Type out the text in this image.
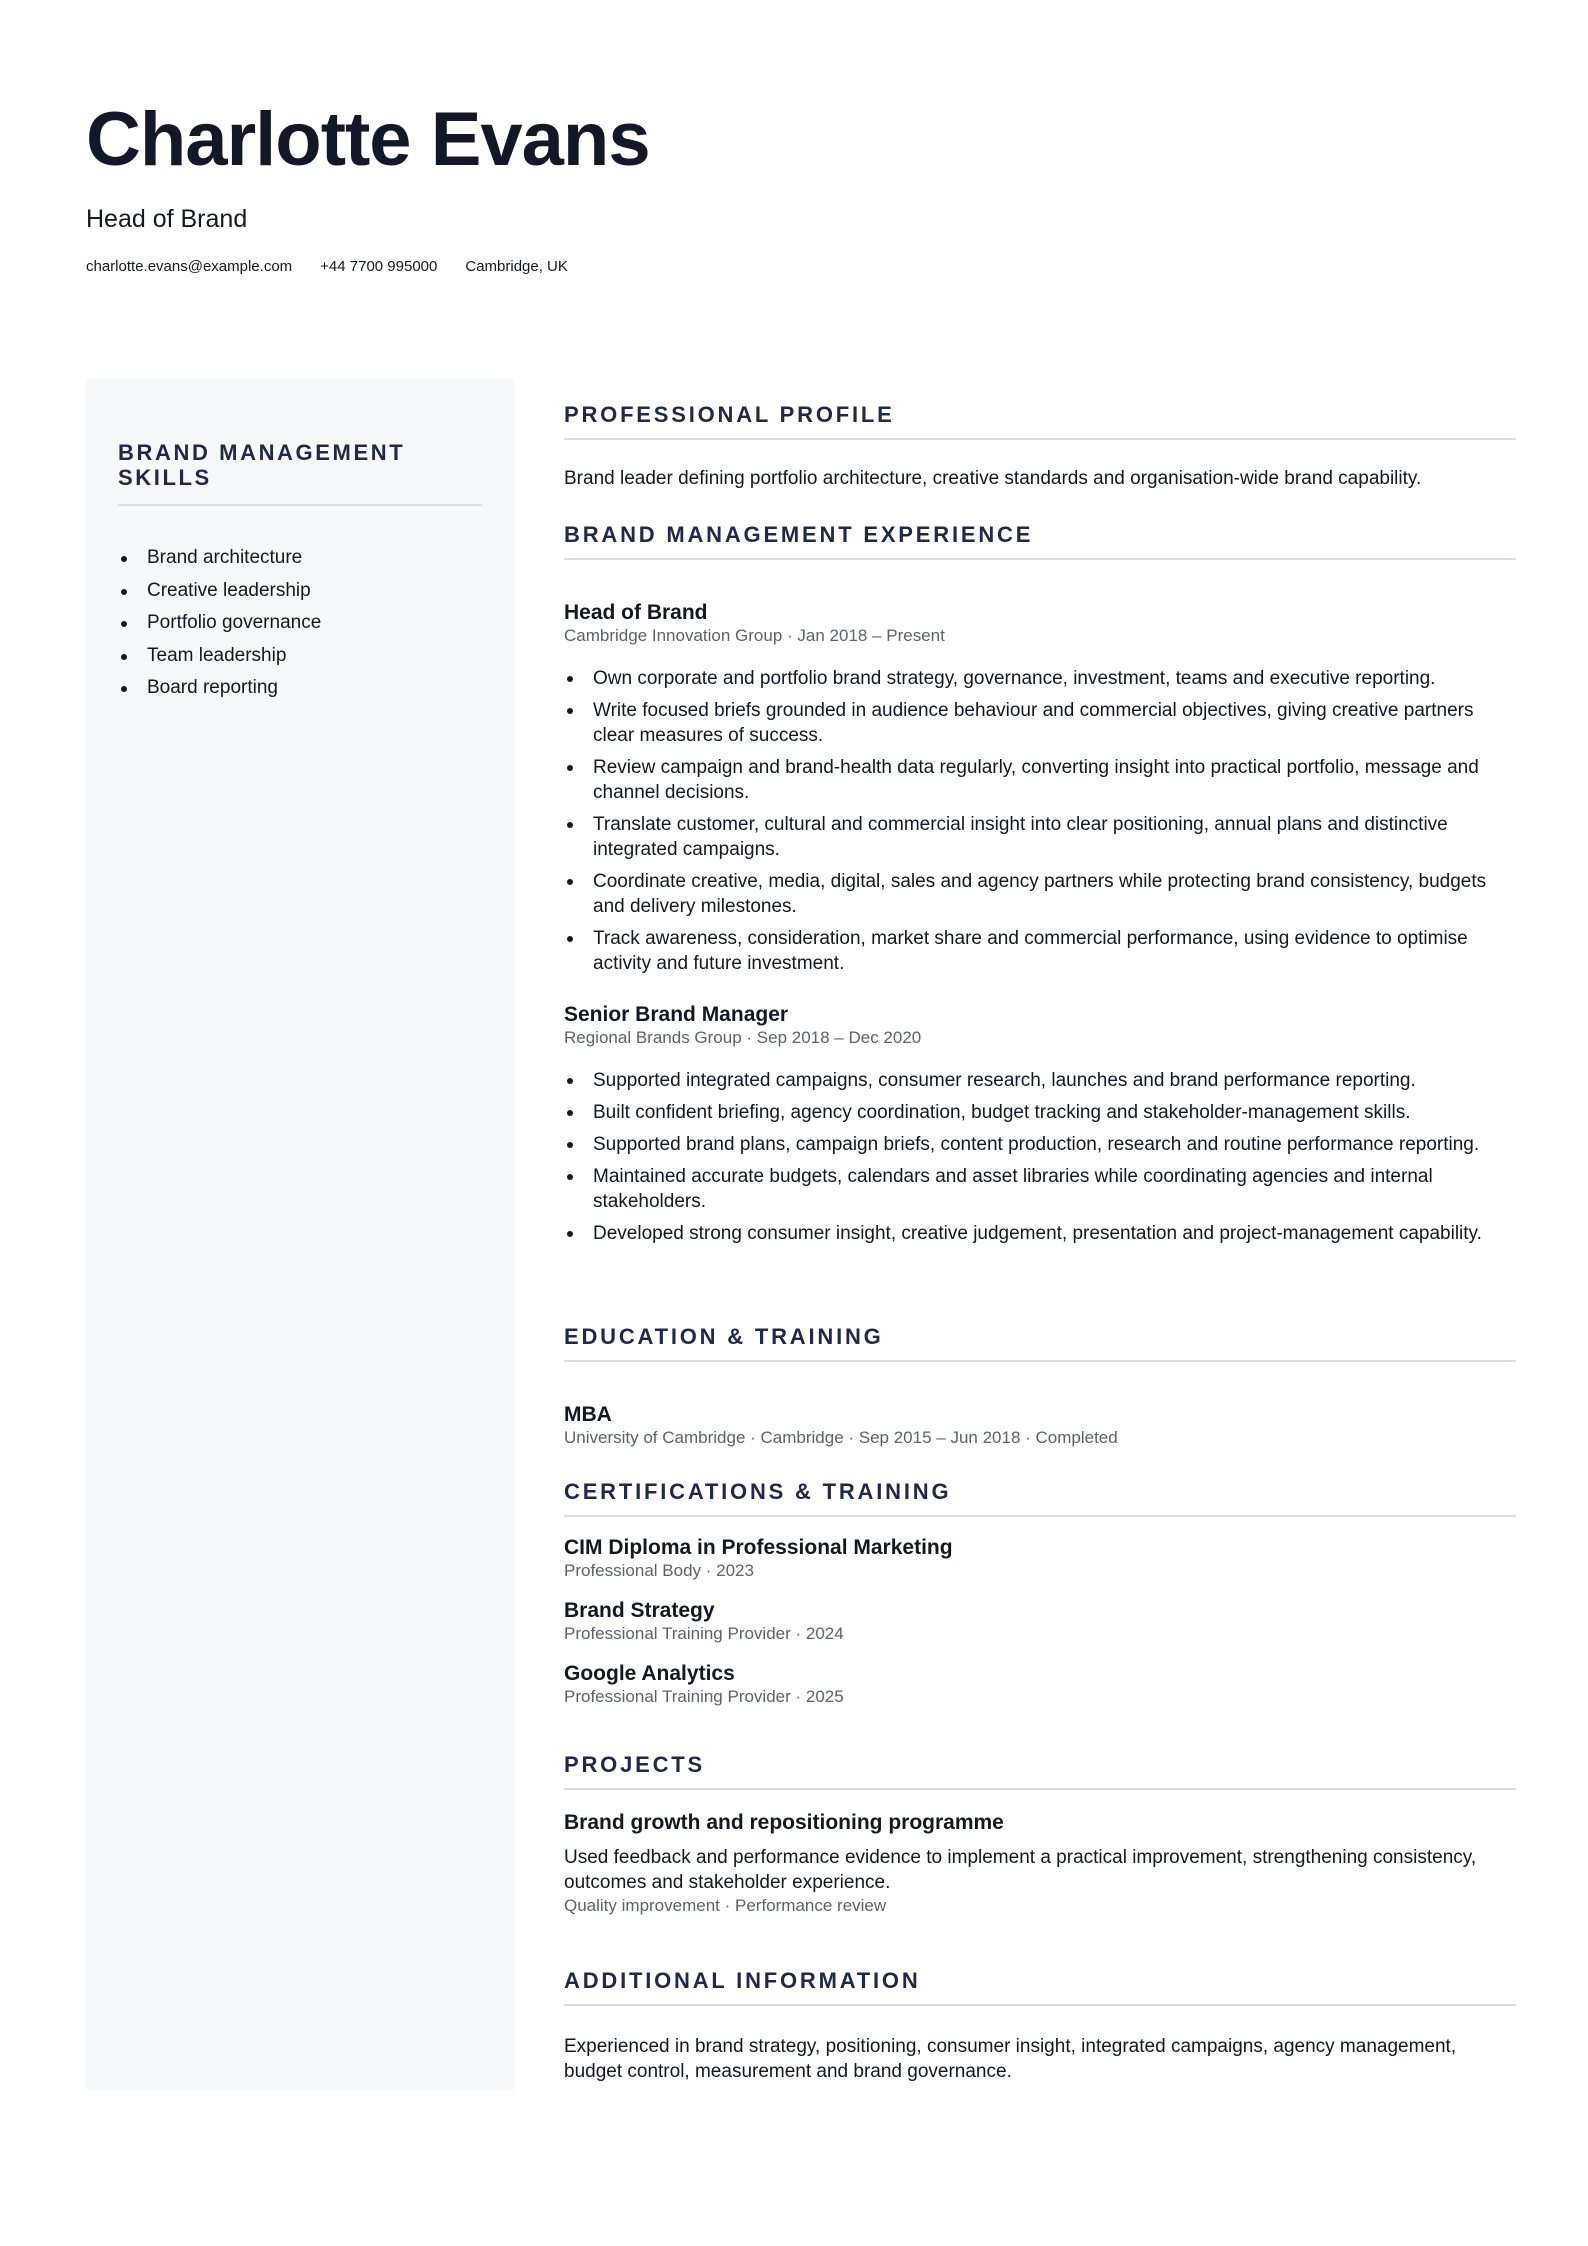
Charlotte Evans
Head of Brand
charlotte.evans@example.com +44 7700 995000 Cambridge, UK
BRAND MANAGEMENT SKILLS
Brand architecture
Creative leadership
Portfolio governance
Team leadership
Board reporting
PROFESSIONAL PROFILE

Brand leader defining portfolio architecture, creative standards and organisation-wide brand capability.

BRAND MANAGEMENT EXPERIENCE
Head of Brand

Cambridge Innovation Group · Jan 2018 – Present

Own corporate and portfolio brand strategy, governance, investment, teams and executive reporting.
Write focused briefs grounded in audience behaviour and commercial objectives, giving creative partners clear measures of success.
Review campaign and brand-health data regularly, converting insight into practical portfolio, message and channel decisions.
Translate customer, cultural and commercial insight into clear positioning, annual plans and distinctive integrated campaigns.
Coordinate creative, media, digital, sales and agency partners while protecting brand consistency, budgets and delivery milestones.
Track awareness, consideration, market share and commercial performance, using evidence to optimise activity and future investment.
Senior Brand Manager

Regional Brands Group · Sep 2018 – Dec 2020

Supported integrated campaigns, consumer research, launches and brand performance reporting.
Built confident briefing, agency coordination, budget tracking and stakeholder-management skills.
Supported brand plans, campaign briefs, content production, research and routine performance reporting.
Maintained accurate budgets, calendars and asset libraries while coordinating agencies and internal stakeholders.
Developed strong consumer insight, creative judgement, presentation and project-management capability.
EDUCATION & TRAINING
MBA

University of Cambridge · Cambridge · Sep 2015 – Jun 2018 · Completed

CERTIFICATIONS & TRAINING
CIM Diploma in Professional Marketing

Professional Body · 2023

Brand Strategy

Professional Training Provider · 2024

Google Analytics

Professional Training Provider · 2025

PROJECTS
Brand growth and repositioning programme

Used feedback and performance evidence to implement a practical improvement, strengthening consistency, outcomes and stakeholder experience.

Quality improvement · Performance review

ADDITIONAL INFORMATION

Experienced in brand strategy, positioning, consumer insight, integrated campaigns, agency management, budget control, measurement and brand governance.
